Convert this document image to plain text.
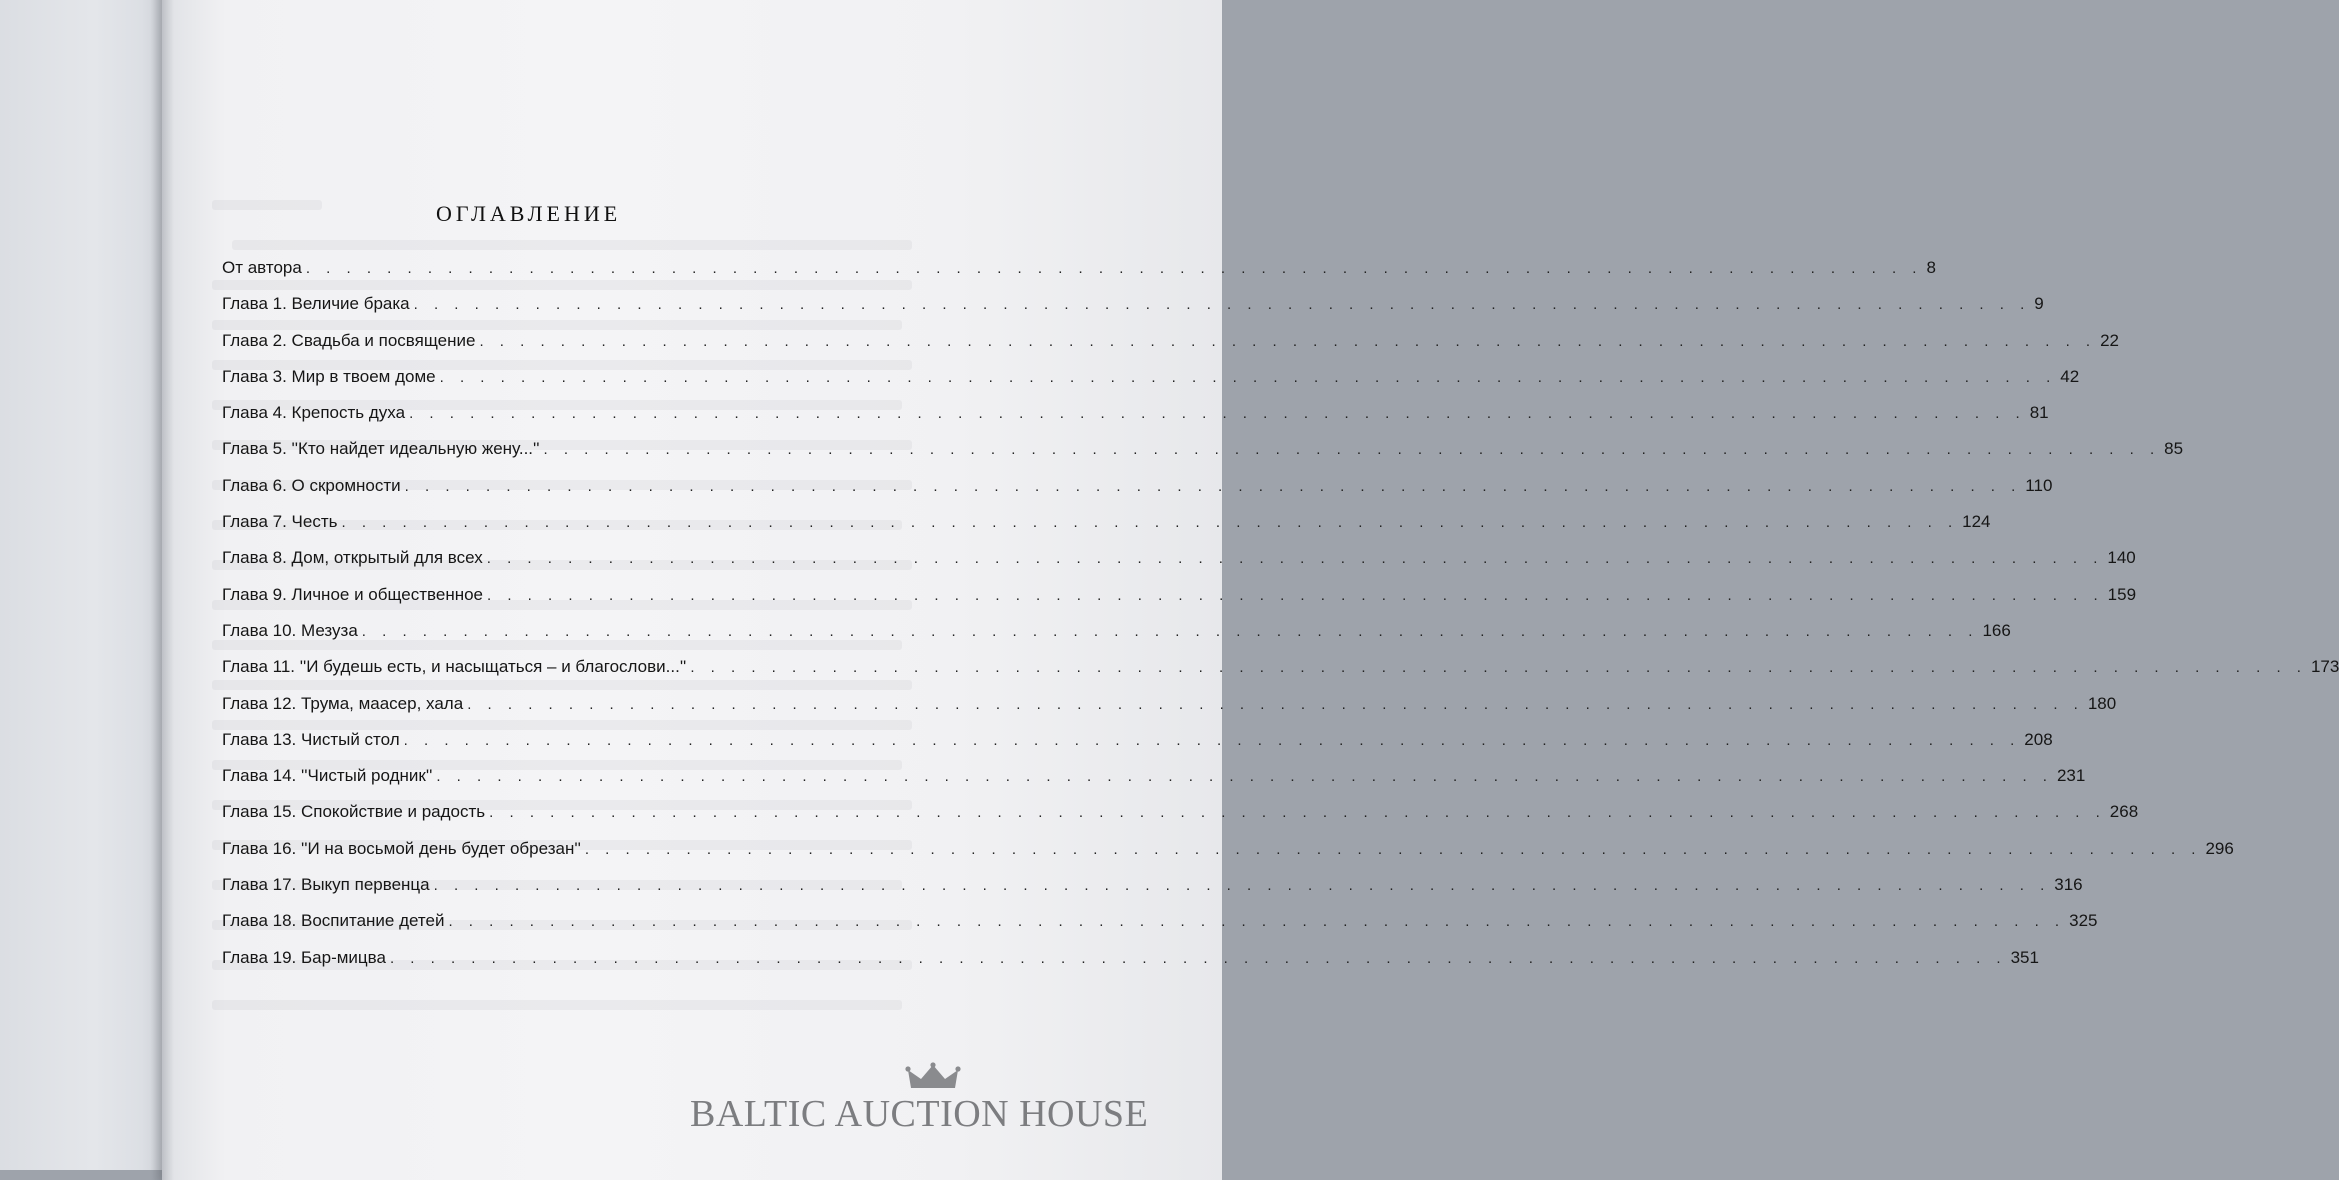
ОГЛАВЛЕНИЕ
От автора . . . . . . . . . . . . . . . . . . . . . . . . . . . . . . . . . . . . . . . . . . . . . . . . . . . . . . . . . . . . . . . . . . . . . . . . . . . . . . . . 8
Глава 1. Величие брака . . . . . . . . . . . . . . . . . . . . . . . . . . . . . . . . . . . . . . . . . . . . . . . . . . . . . . . . . . . . . . . . . . . . . . . . . . . . . . . . 9
Глава 2. Свадьба и посвящение . . . . . . . . . . . . . . . . . . . . . . . . . . . . . . . . . . . . . . . . . . . . . . . . . . . . . . . . . . . . . . . . . . . . . . . . . . . . . . . . 22
Глава 3. Мир в твоем доме . . . . . . . . . . . . . . . . . . . . . . . . . . . . . . . . . . . . . . . . . . . . . . . . . . . . . . . . . . . . . . . . . . . . . . . . . . . . . . . . 42
Глава 4. Крепость духа . . . . . . . . . . . . . . . . . . . . . . . . . . . . . . . . . . . . . . . . . . . . . . . . . . . . . . . . . . . . . . . . . . . . . . . . . . . . . . . . 81
Глава 5. ''Кто найдет идеальную жену...'' . . . . . . . . . . . . . . . . . . . . . . . . . . . . . . . . . . . . . . . . . . . . . . . . . . . . . . . . . . . . . . . . . . . . . . . . . . . . . . . . 85
Глава 6. О скромности . . . . . . . . . . . . . . . . . . . . . . . . . . . . . . . . . . . . . . . . . . . . . . . . . . . . . . . . . . . . . . . . . . . . . . . . . . . . . . . . 110
Глава 7. Честь . . . . . . . . . . . . . . . . . . . . . . . . . . . . . . . . . . . . . . . . . . . . . . . . . . . . . . . . . . . . . . . . . . . . . . . . . . . . . . . . 124
Глава 8. Дом, открытый для всех . . . . . . . . . . . . . . . . . . . . . . . . . . . . . . . . . . . . . . . . . . . . . . . . . . . . . . . . . . . . . . . . . . . . . . . . . . . . . . . . 140
Глава 9. Личное и общественное . . . . . . . . . . . . . . . . . . . . . . . . . . . . . . . . . . . . . . . . . . . . . . . . . . . . . . . . . . . . . . . . . . . . . . . . . . . . . . . . 159
Глава 10. Мезуза . . . . . . . . . . . . . . . . . . . . . . . . . . . . . . . . . . . . . . . . . . . . . . . . . . . . . . . . . . . . . . . . . . . . . . . . . . . . . . . . 166
Глава 11. ''И будешь есть, и насыщаться – и благослови...'' . . . . . . . . . . . . . . . . . . . . . . . . . . . . . . . . . . . . . . . . . . . . . . . . . . . . . . . . . . . . . . . . . . . . . . . . . . . . . . . . 173
Глава 12. Трума, маасер, хала . . . . . . . . . . . . . . . . . . . . . . . . . . . . . . . . . . . . . . . . . . . . . . . . . . . . . . . . . . . . . . . . . . . . . . . . . . . . . . . . 180
Глава 13. Чистый стол . . . . . . . . . . . . . . . . . . . . . . . . . . . . . . . . . . . . . . . . . . . . . . . . . . . . . . . . . . . . . . . . . . . . . . . . . . . . . . . . 208
Глава 14. ''Чистый родник'' . . . . . . . . . . . . . . . . . . . . . . . . . . . . . . . . . . . . . . . . . . . . . . . . . . . . . . . . . . . . . . . . . . . . . . . . . . . . . . . . 231
Глава 15. Спокойствие и радость . . . . . . . . . . . . . . . . . . . . . . . . . . . . . . . . . . . . . . . . . . . . . . . . . . . . . . . . . . . . . . . . . . . . . . . . . . . . . . . . 268
Глава 16. ''И на восьмой день будет обрезан'' . . . . . . . . . . . . . . . . . . . . . . . . . . . . . . . . . . . . . . . . . . . . . . . . . . . . . . . . . . . . . . . . . . . . . . . . . . . . . . . . 296
Глава 17. Выкуп первенца . . . . . . . . . . . . . . . . . . . . . . . . . . . . . . . . . . . . . . . . . . . . . . . . . . . . . . . . . . . . . . . . . . . . . . . . . . . . . . . . 316
Глава 18. Воспитание детей . . . . . . . . . . . . . . . . . . . . . . . . . . . . . . . . . . . . . . . . . . . . . . . . . . . . . . . . . . . . . . . . . . . . . . . . . . . . . . . . 325
Глава 19. Бар-мицва . . . . . . . . . . . . . . . . . . . . . . . . . . . . . . . . . . . . . . . . . . . . . . . . . . . . . . . . . . . . . . . . . . . . . . . . . . . . . . . . 351
BALTIC AUCTION HOUSE
